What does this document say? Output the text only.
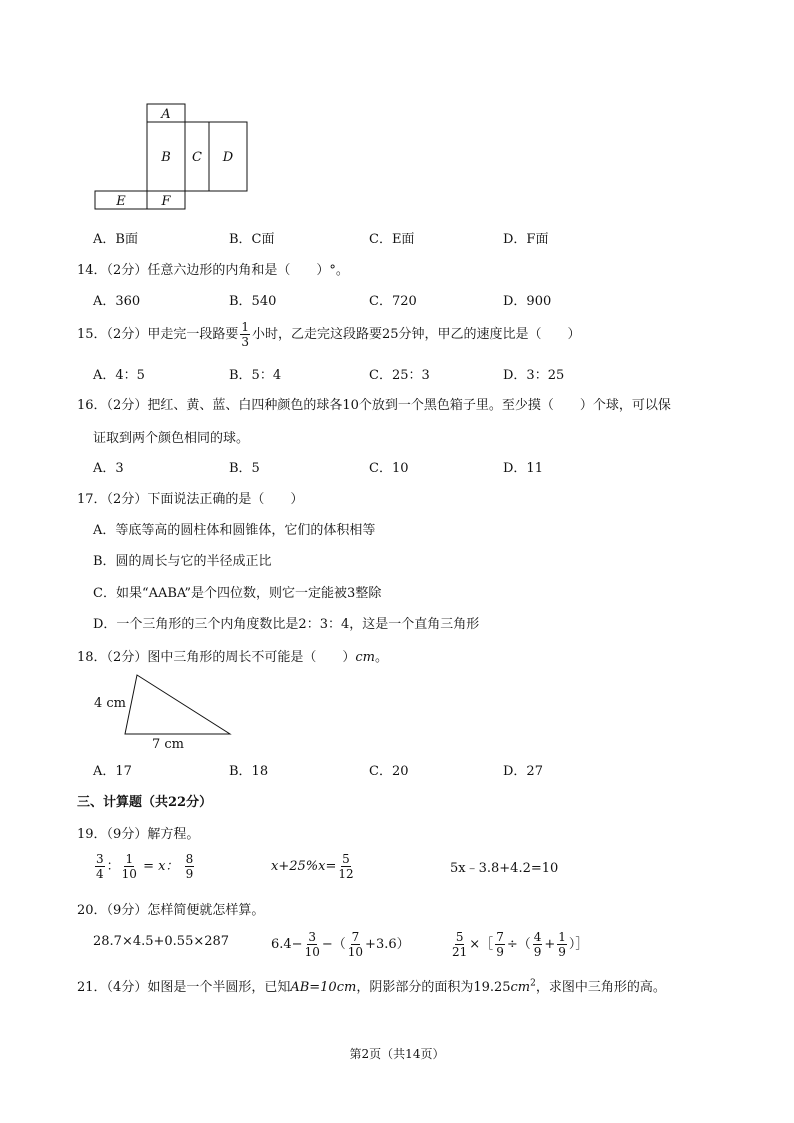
A
B C D
E	F
A．B面	B．C面	C．E面	D．F面
14．（2分）任意六边形的内角和是（　　）°。
A．360	B．540	C．720	D．900
15．（2分）甲走完一段路要 $\frac{1}{3}$ 小时，乙走完这段路要25分钟，甲乙的速度比是（　　）
A．4：5	B．5：4	C．25：3	D．3：25
16．（2分）把红、黄、蓝、白四种颜色的球各10个放到一个黑色箱子里。至少摸（　　）个球，可以保
证取到两个颜色相同的球。
A．3	B．5	C．10	D．11
17．（2分）下面说法正确的是（　　）
A．等底等高的圆柱体和圆锥体，它们的体积相等
B．圆的周长与它的半径成正比
C．如果“AABA”是个四位数，则它一定能被3整除
D．一个三角形的三个内角度数比是2：3：4，这是一个直角三角形
18．（2分）图中三角形的周长不可能是（　　）cm。
4 cm
7 cm
A．17	B．18	C．20	D．27
三、计算题（共22分）
19．（9分）解方程。
$\frac{3}{4}$ ： $\frac{1}{10} = x$： $\frac{8}{9}$	$x+25\%x= \frac{5}{12}$	5x﹣3.8+4.2=10
20．（9分）怎样简便就怎样算。
28.7×4.5+0.55×287	$6.4- \frac{3}{10}$ −（ $\frac{7}{10} +3.6$）	$\frac{5}{21}$ ×［ $\frac{7}{9}$ ÷（ $\frac{4}{9} + \frac{1}{9}$ ）］
21．（4分）如图是一个半圆形，已知AB=10cm，阴影部分的面积为$19.25cm^2$，求图中三角形的高。
第2页（共14页）
